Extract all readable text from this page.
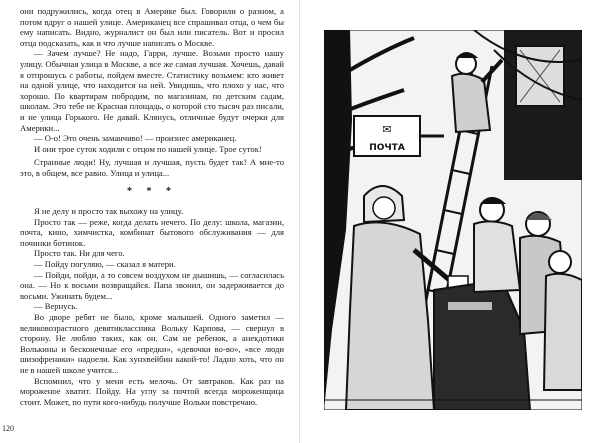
они подружились, когда отец в Америке был. Говорили о разном, а потом вдруг о нашей улице. Американец все спрашивал отца, о чем бы ему написать. Видно, журналист он был или писатель. Вот и просил отца подсказать, как и что лучше написать о Москве.

— Зачем лучше? Не надо, Гарри, лучше. Возьми просто нашу улицу. Обычная улица в Москве, а все же самая лучшая. Хочешь, давай я отпрошусь с работы, пойдем вместе. Статистику возьмем: кто живет на одной улице, что находится на ней. Увидишь, что плохо у нас, что хорошо. По квартирам побродим, по магазинам, по детским садам, школам. Это тебе не Красная площадь, о которой сто тысяч раз писали, и не улица Горького. Не давай. Клянусь, отличные будут очерки для Америки...

— О-о! Это очень заманчиво! — произнес американец.

И они трое суток ходили с отцом по нашей улице. Трое суток!

Странные люди! Ну, лучшая и лучшая, пусть будет так! А мне-то это, в общем, все равно. Улица и улица...

* * *

Я не делу и просто так выхожу на улицу.

Просто так — реже, когда делать нечего. По делу: школа, магазин, почта, кино, химчистка, комбинат бытового обслуживания — для починки ботинок.

Просто так. Ни для чего.

— Пойду погуляю, — сказал я матери.

— Пойди, пойди, а то совсем воздухом не дышишь, — согласилась она. — Но к восьми возвращайся. Папа звонил, он задерживается до восьми. Ужинать будем...

— Вернусь.

Во дворе ребят не было, кроме малышей. Одного заметил — великовозрастного девятиклассника Вольку Карпова, — свернул в сторону. Не люблю таких, как он. Сам не ребенок, а анекдотики Волькины и бесконечные его «предки», «девочки во-во», «все люди шизофреники» надоели. Как хунхвейбин какой-то! Ладно хоть, что он не в нашей школе учится...

Вспомнил, что у меня есть мелочь. От завтраков. Как раз на мороженое хватит. Пойду. На углу за почтой всегда мороженщица стоит. Может, по пути кого-нибудь получше Вольки повстречаю.

120
✉
ПОЧТА
